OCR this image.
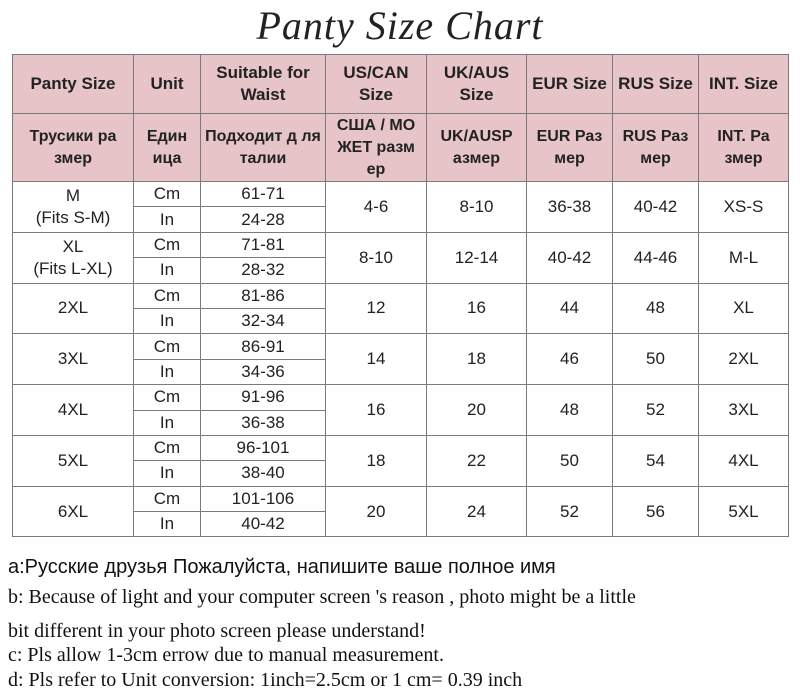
Panty Size Chart
Panty Size	Unit	Suitable for Waist	US/CAN Size	UK/AUS Size	EUR Size	RUS Size	INT. Size
Трусики ра змер	Един ица	Подходит д ля талии	США / МО ЖЕТ разм ер	UK/AUSP азмер	EUR Раз мер	RUS Раз мер	INT. Ра змер

M
(Fits S-M)	Cm	61-71	4-6	8-10	36-38	40-42	XS-S
	In	24-28					

XL
(Fits L-XL)	Cm	71-81	8-10	12-14	40-42	44-46	M-L
	In	28-32					

2XL	Cm	81-86	12	16	44	48	XL
	In	32-34					

3XL	Cm	86-91	14	18	46	50	2XL
	In	34-36					

4XL	Cm	91-96	16	20	48	52	3XL
	In	36-38					

5XL	Cm	96-101	18	22	50	54	4XL
	In	38-40					

6XL	Cm	101-106	20	24	52	56	5XL
	In	40-42					
a:Русские друзья Пожалуйста, напишите ваше полное имя
b: Because of light and your computer screen 's reason , photo might be a little
bit different in your photo screen please understand!
c: Pls allow 1-3cm errow due to manual measurement.
d: Pls refer to Unit conversion: 1inch=2.5cm or 1 cm= 0.39 inch
